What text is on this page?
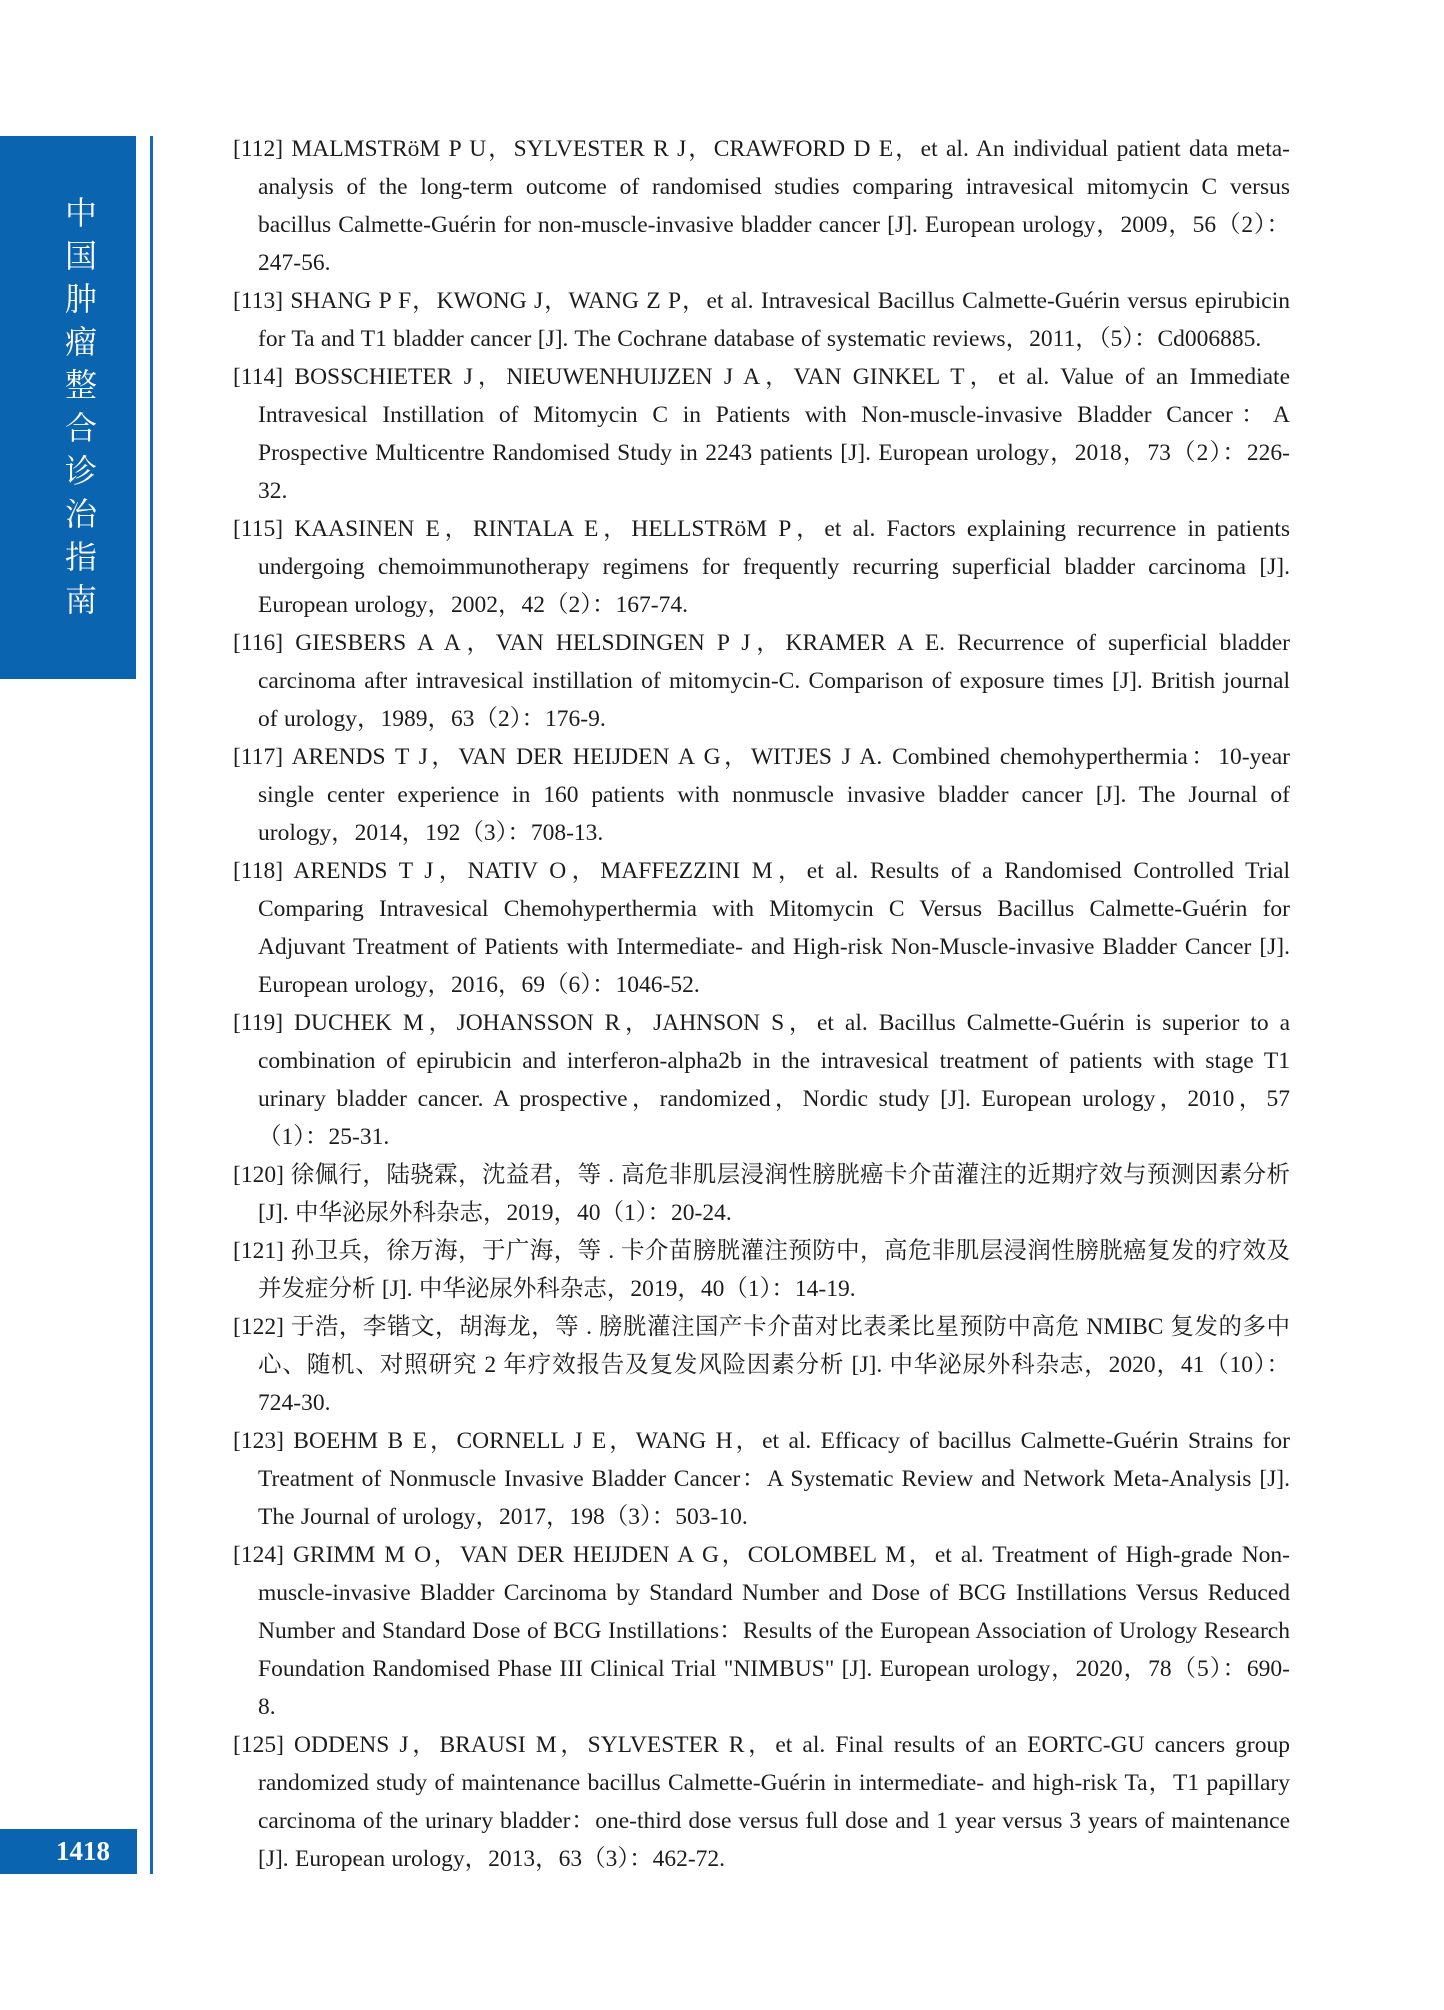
中
国
肿
瘤
整
合
诊
治
指
南
[112] MALMSTRöM P U，SYLVESTER R J，CRAWFORD D E，et al. An individual patient data meta-analysis of the long-term outcome of randomised studies comparing intravesical mitomycin C versus bacillus Calmette-Guérin for non-muscle-invasive bladder cancer [J]. European urology，2009，56（2）：247-56.
[113] SHANG P F，KWONG J，WANG Z P，et al. Intravesical Bacillus Calmette-Guérin versus epirubicin for Ta and T1 bladder cancer [J]. The Cochrane database of systematic reviews，2011，（5）：Cd006885.
[114] BOSSCHIETER J，NIEUWENHUIJZEN J A，VAN GINKEL T，et al. Value of an Immediate Intravesical Instillation of Mitomycin C in Patients with Non-muscle-invasive Bladder Cancer：A Prospective Multicentre Randomised Study in 2243 patients [J]. European urology，2018，73（2）：226-32.
[115] KAASINEN E，RINTALA E，HELLSTRöM P，et al. Factors explaining recurrence in patients undergoing chemoimmunotherapy regimens for frequently recurring superficial bladder carcinoma [J]. European urology，2002，42（2）：167-74.
[116] GIESBERS A A，VAN HELSDINGEN P J，KRAMER A E. Recurrence of superficial bladder carcinoma after intravesical instillation of mitomycin-C. Comparison of exposure times [J]. British journal of urology，1989，63（2）：176-9.
[117] ARENDS T J，VAN DER HEIJDEN A G，WITJES J A. Combined chemohyperthermia：10-year single center experience in 160 patients with nonmuscle invasive bladder cancer [J]. The Journal of urology，2014，192（3）：708-13.
[118] ARENDS T J，NATIV O，MAFFEZZINI M，et al. Results of a Randomised Controlled Trial Comparing Intravesical Chemohyperthermia with Mitomycin C Versus Bacillus Calmette-Guérin for Adjuvant Treatment of Patients with Intermediate- and High-risk Non-Muscle-invasive Bladder Cancer [J]. European urology，2016，69（6）：1046-52.
[119] DUCHEK M，JOHANSSON R，JAHNSON S，et al. Bacillus Calmette-Guérin is superior to a combination of epirubicin and interferon-alpha2b in the intravesical treatment of patients with stage T1 urinary bladder cancer. A prospective，randomized，Nordic study [J]. European urology，2010，57（1）：25-31.
[120] 徐佩行，陆骁霖，沈益君，等 . 高危非肌层浸润性膀胱癌卡介苗灌注的近期疗效与预测因素分析 [J]. 中华泌尿外科杂志，2019，40（1）：20-24.
[121] 孙卫兵，徐万海，于广海，等 . 卡介苗膀胱灌注预防中，高危非肌层浸润性膀胱癌复发的疗效及并发症分析 [J]. 中华泌尿外科杂志，2019，40（1）：14-19.
[122] 于浩，李锴文，胡海龙，等 . 膀胱灌注国产卡介苗对比表柔比星预防中高危 NMIBC 复发的多中心、随机、对照研究 2 年疗效报告及复发风险因素分析 [J]. 中华泌尿外科杂志，2020，41（10）：724-30.
[123] BOEHM B E，CORNELL J E，WANG H，et al. Efficacy of bacillus Calmette-Guérin Strains for Treatment of Nonmuscle Invasive Bladder Cancer：A Systematic Review and Network Meta-Analysis [J]. The Journal of urology，2017，198（3）：503-10.
[124] GRIMM M O，VAN DER HEIJDEN A G，COLOMBEL M，et al. Treatment of High-grade Non-muscle-invasive Bladder Carcinoma by Standard Number and Dose of BCG Instillations Versus Reduced Number and Standard Dose of BCG Instillations：Results of the European Association of Urology Research Foundation Randomised Phase III Clinical Trial "NIMBUS" [J]. European urology，2020，78（5）：690-8.
[125] ODDENS J，BRAUSI M，SYLVESTER R，et al. Final results of an EORTC-GU cancers group randomized study of maintenance bacillus Calmette-Guérin in intermediate- and high-risk Ta，T1 papillary carcinoma of the urinary bladder：one-third dose versus full dose and 1 year versus 3 years of maintenance [J]. European urology，2013，63（3）：462-72.
1418
